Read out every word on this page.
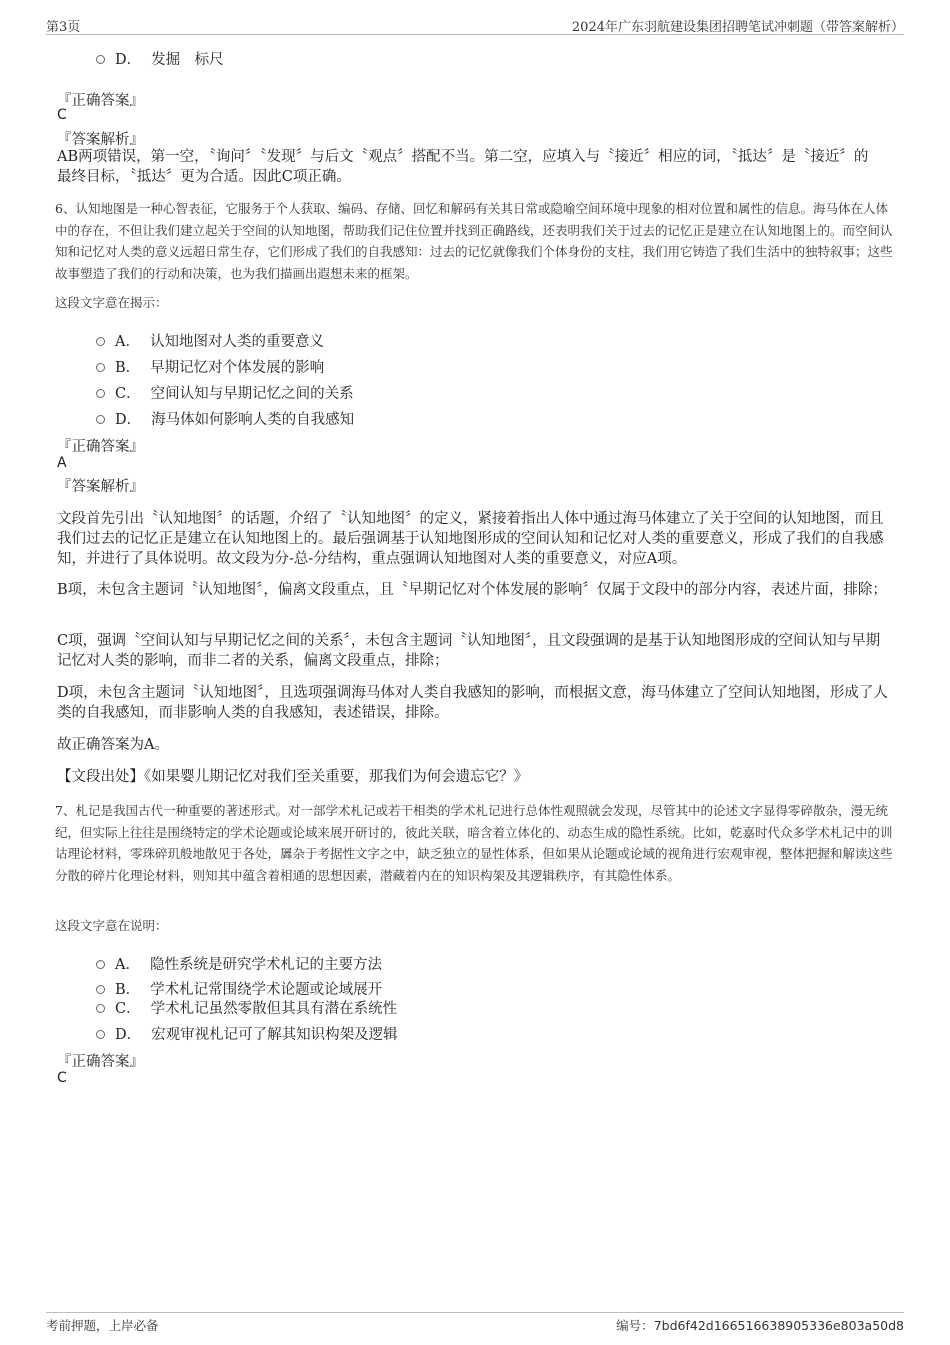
第3页	2024年广东羽航建设集团招聘笔试冲刺题（带答案解析）
D． 发掘　标尺
『正确答案』
C
『答案解析』
AB两项错误，第一空，〝询问〞〝发现〞与后文〝观点〞搭配不当。第二空，应填入与〝接近〞相应的词，〝抵达〞是〝接近〞的最终目标，〝抵达〞更为合适。因此C项正确。
6、认知地图是一种心智表征，它服务于个人获取、编码、存储、回忆和解码有关其日常或隐喻空间环境中现象的相对位置和属性的信息。海马体在人体中的存在，不但让我们建立起关于空间的认知地图，帮助我们记住位置并找到正确路线，还表明我们关于过去的记忆正是建立在认知地图上的。而空间认知和记忆对人类的意义远超日常生存，它们形成了我们的自我感知：过去的记忆就像我们个体身份的支柱，我们用它铸造了我们生活中的独特叙事；这些故事塑造了我们的行动和决策，也为我们描画出遐想未来的框架。
这段文字意在揭示：
A． 认知地图对人类的重要意义
B． 早期记忆对个体发展的影响
C． 空间认知与早期记忆之间的关系
D． 海马体如何影响人类的自我感知
『正确答案』
A
『答案解析』
文段首先引出〝认知地图〞的话题，介绍了〝认知地图〞的定义，紧接着指出人体中通过海马体建立了关于空间的认知地图，而且我们过去的记忆正是建立在认知地图上的。最后强调基于认知地图形成的空间认知和记忆对人类的重要意义，形成了我们的自我感知，并进行了具体说明。故文段为分-总-分结构，重点强调认知地图对人类的重要意义，对应A项。
B项，未包含主题词〝认知地图〞，偏离文段重点，且〝早期记忆对个体发展的影响〞仅属于文段中的部分内容，表述片面，排除；
C项，强调〝空间认知与早期记忆之间的关系〞，未包含主题词〝认知地图〞，且文段强调的是基于认知地图形成的空间认知与早期记忆对人类的影响，而非二者的关系，偏离文段重点，排除；
D项，未包含主题词〝认知地图〞，且选项强调海马体对人类自我感知的影响，而根据文意，海马体建立了空间认知地图，形成了人类的自我感知，而非影响人类的自我感知，表述错误，排除。
故正确答案为A。
【文段出处】《如果婴儿期记忆对我们至关重要，那我们为何会遗忘它？》
7、札记是我国古代一种重要的著述形式。对一部学术札记或若干相类的学术札记进行总体性观照就会发现，尽管其中的论述文字显得零碎散杂，漫无统纪，但实际上往往是围绕特定的学术论题或论域来展开研讨的，彼此关联，暗含着立体化的、动态生成的隐性系统。比如，乾嘉时代众多学术札记中的训诂理论材料，零珠碎玑般地散见于各处，羼杂于考据性文字之中，缺乏独立的显性体系，但如果从论题或论域的视角进行宏观审视，整体把握和解读这些分散的碎片化理论材料，则知其中蕴含着相通的思想因素，潜藏着内在的知识构架及其逻辑秩序，有其隐性体系。
这段文字意在说明：
A． 隐性系统是研究学术札记的主要方法
B． 学术札记常围绕学术论题或论域展开
C． 学术札记虽然零散但其具有潜在系统性
D． 宏观审视札记可了解其知识构架及逻辑
『正确答案』
C
考前押题，上岸必备	编号：7bd6f42d166516638905336e803a50d8
